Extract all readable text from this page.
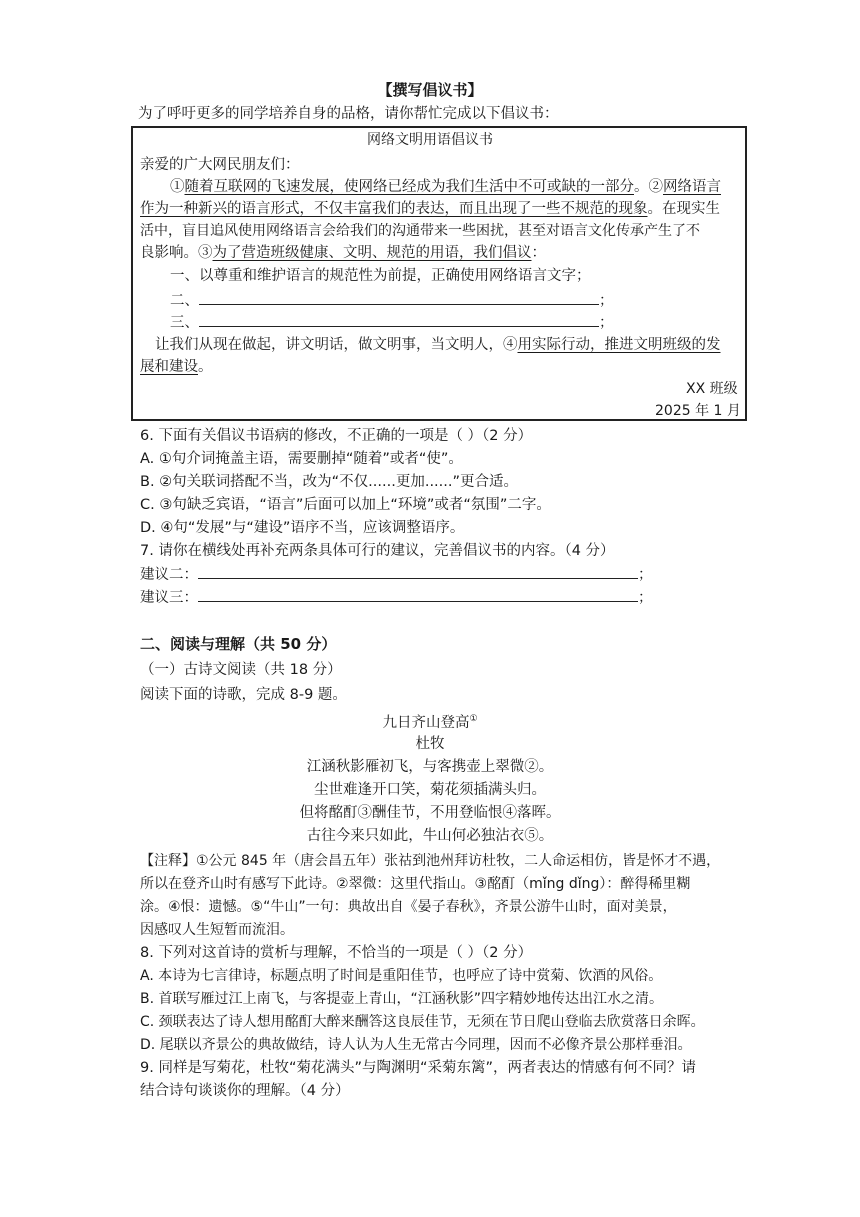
【撰写倡议书】
为了呼吁更多的同学培养自身的品格，请你帮忙完成以下倡议书：
网络文明用语倡议书
亲爱的广大网民朋友们：
①随着互联网的飞速发展，使网络已经成为我们生活中不可或缺的一部分。②网络语言
作为一种新兴的语言形式，不仅丰富我们的表达，而且出现了一些不规范的现象。在现实生
活中，盲目追风使用网络语言会给我们的沟通带来一些困扰，甚至对语言文化传承产生了不
良影响。③为了营造班级健康、文明、规范的用语，我们倡议：
一、以尊重和维护语言的规范性为前提，正确使用网络语言文字；
二、	；
三、	；
让我们从现在做起，讲文明话，做文明事，当文明人，④用实际行动，推进文明班级的发
展和建设。
XX 班级
2025 年 1 月
6. 下面有关倡议书语病的修改，不正确的一项是（ ）（2 分）
A. ①句介词掩盖主语，需要删掉“随着”或者“使”。
B. ②句关联词搭配不当，改为“不仅......更加......”更合适。
C. ③句缺乏宾语，“语言”后面可以加上“环境”或者“氛围”二字。
D. ④句“发展”与“建设”语序不当，应该调整语序。
7. 请你在横线处再补充两条具体可行的建议，完善倡议书的内容。（4 分）
建议二：	；
建议三：	；
二、阅读与理解（共 50 分）
（一）古诗文阅读（共 18 分）
阅读下面的诗歌，完成 8-9 题。
九日齐山登高①
杜牧
江涵秋影雁初飞，与客携壶上翠微②。
尘世难逢开口笑，菊花须插满头归。
但将酩酊③酬佳节，不用登临恨④落晖。
古往今来只如此，牛山何必独沾衣⑤。
【注释】①公元 845 年（唐会昌五年）张祜到池州拜访杜牧，二人命运相仿，皆是怀才不遇，
所以在登齐山时有感写下此诗。②翠微：这里代指山。③酩酊（mǐng dǐng）：醉得稀里糊
涂。④恨：遗憾。⑤“牛山”一句：典故出自《晏子春秋》，齐景公游牛山时，面对美景，
因感叹人生短暂而流泪。
8. 下列对这首诗的赏析与理解，不恰当的一项是（ ）（2 分）
A. 本诗为七言律诗，标题点明了时间是重阳佳节，也呼应了诗中赏菊、饮酒的风俗。
B. 首联写雁过江上南飞，与客提壶上青山，“江涵秋影”四字精妙地传达出江水之清。
C. 颈联表达了诗人想用酩酊大醉来酬答这良辰佳节，无须在节日爬山登临去欣赏落日余晖。
D. 尾联以齐景公的典故做结，诗人认为人生无常古今同理，因而不必像齐景公那样垂泪。
9. 同样是写菊花，杜牧“菊花满头”与陶渊明“采菊东篱”，两者表达的情感有何不同？请
结合诗句谈谈你的理解。（4 分）
